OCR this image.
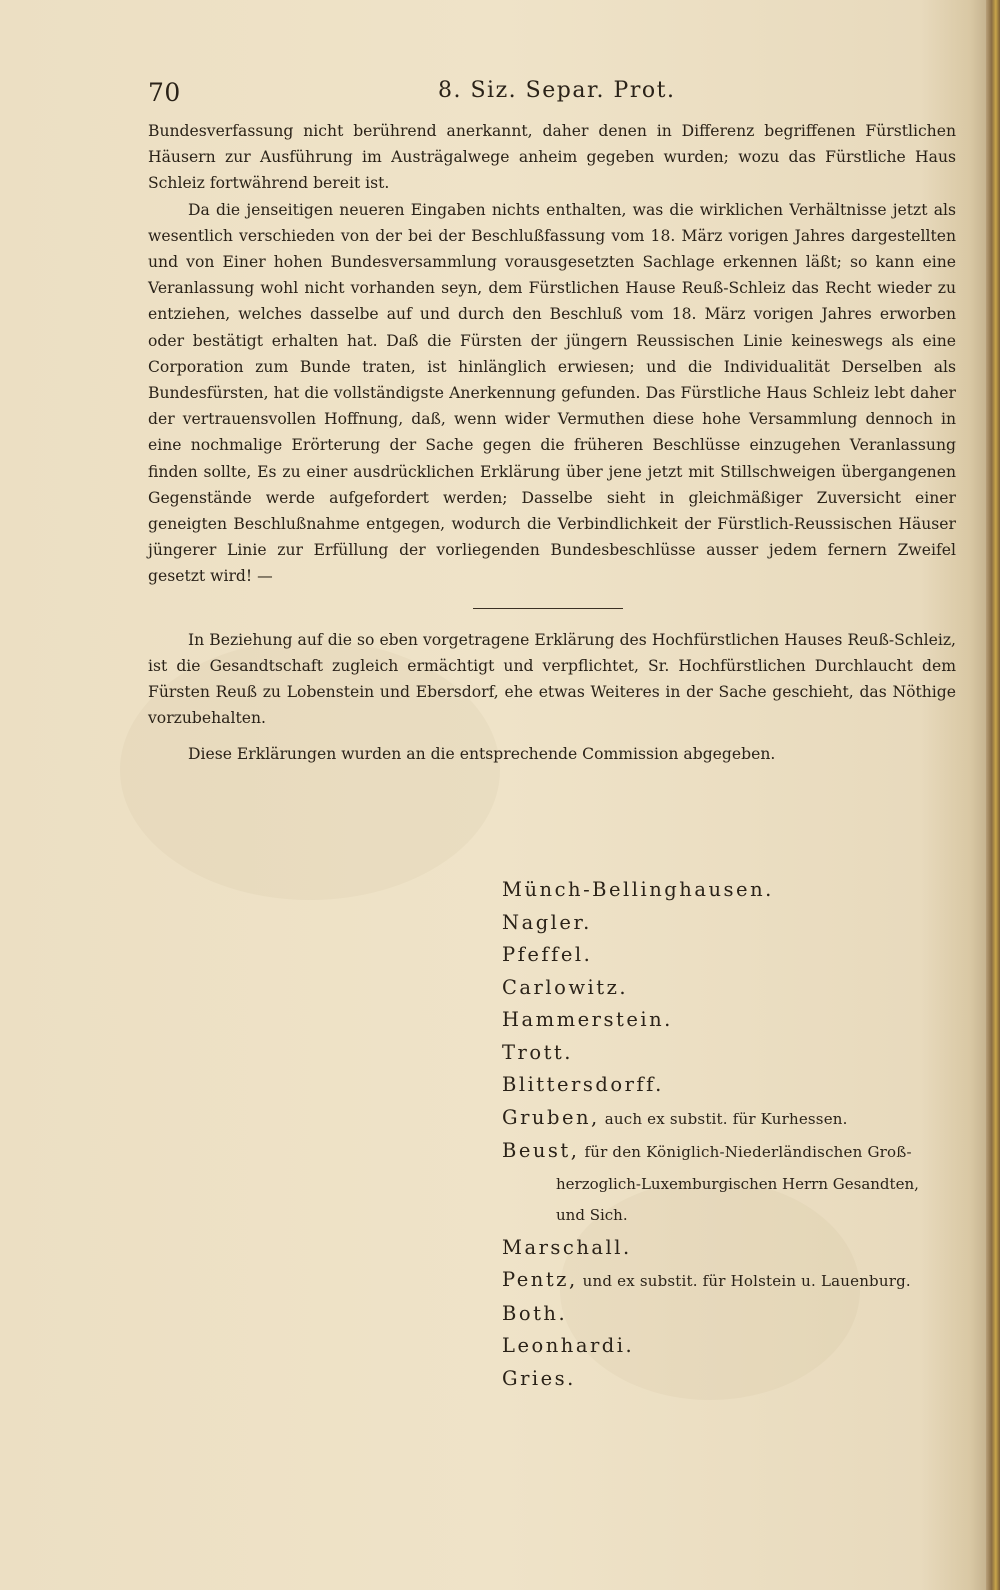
70	8. Siz. Separ. Prot.

Bundesverfassung nicht berührend anerkannt, daher denen in Differenz begriffenen Fürstlichen Häusern zur Ausführung im Austrägalwege anheim gegeben wurden; wozu das Fürstliche Haus Schleiz fortwährend bereit ist.

Da die jenseitigen neueren Eingaben nichts enthalten, was die wirklichen Verhältnisse jetzt als wesentlich verschieden von der bei der Beschlußfassung vom 18. März vorigen Jahres dargestellten und von Einer hohen Bundesversammlung vorausgesetzten Sachlage erkennen läßt; so kann eine Veranlassung wohl nicht vorhanden seyn, dem Fürstlichen Hause Reuß-Schleiz das Recht wieder zu entziehen, welches dasselbe auf und durch den Beschluß vom 18. März vorigen Jahres erworben oder bestätigt erhalten hat. Daß die Fürsten der jüngern Reussischen Linie keineswegs als eine Corporation zum Bunde traten, ist hinlänglich erwiesen; und die Individualität Derselben als Bundesfürsten, hat die vollständigste Anerkennung gefunden. Das Fürstliche Haus Schleiz lebt daher der vertrauensvollen Hoffnung, daß, wenn wider Vermuthen diese hohe Versammlung dennoch in eine nochmalige Erörterung der Sache gegen die früheren Beschlüsse einzugehen Veranlassung finden sollte, Es zu einer ausdrücklichen Erklärung über jene jetzt mit Stillschweigen übergangenen Gegenstände werde aufgefordert werden; Dasselbe sieht in gleichmäßiger Zuversicht einer geneigten Beschlußnahme entgegen, wodurch die Verbindlichkeit der Fürstlich-Reussischen Häuser jüngerer Linie zur Erfüllung der vorliegenden Bundesbeschlüsse ausser jedem fernern Zweifel gesetzt wird! —

In Beziehung auf die so eben vorgetragene Erklärung des Hochfürstlichen Hauses Reuß-Schleiz, ist die Gesandtschaft zugleich ermächtigt und verpflichtet, Sr. Hochfürstlichen Durchlaucht dem Fürsten Reuß zu Lobenstein und Ebersdorf, ehe etwas Weiteres in der Sache geschieht, das Nöthige vorzubehalten.

Diese Erklärungen wurden an die entsprechende Commission abgegeben.

Münch-Bellinghausen.

Nagler.

Pfeffel.

Carlowitz.

Hammerstein.

Trott.

Blittersdorff.

Gruben, auch ex substit. für Kurhessen.

Beust, für den Königlich-Niederländischen Groß-

herzoglich-Luxemburgischen Herrn Gesandten,
und Sich.

Marschall.

Pentz, und ex substit. für Holstein u. Lauenburg.

Both.

Leonhardi.

Gries.
